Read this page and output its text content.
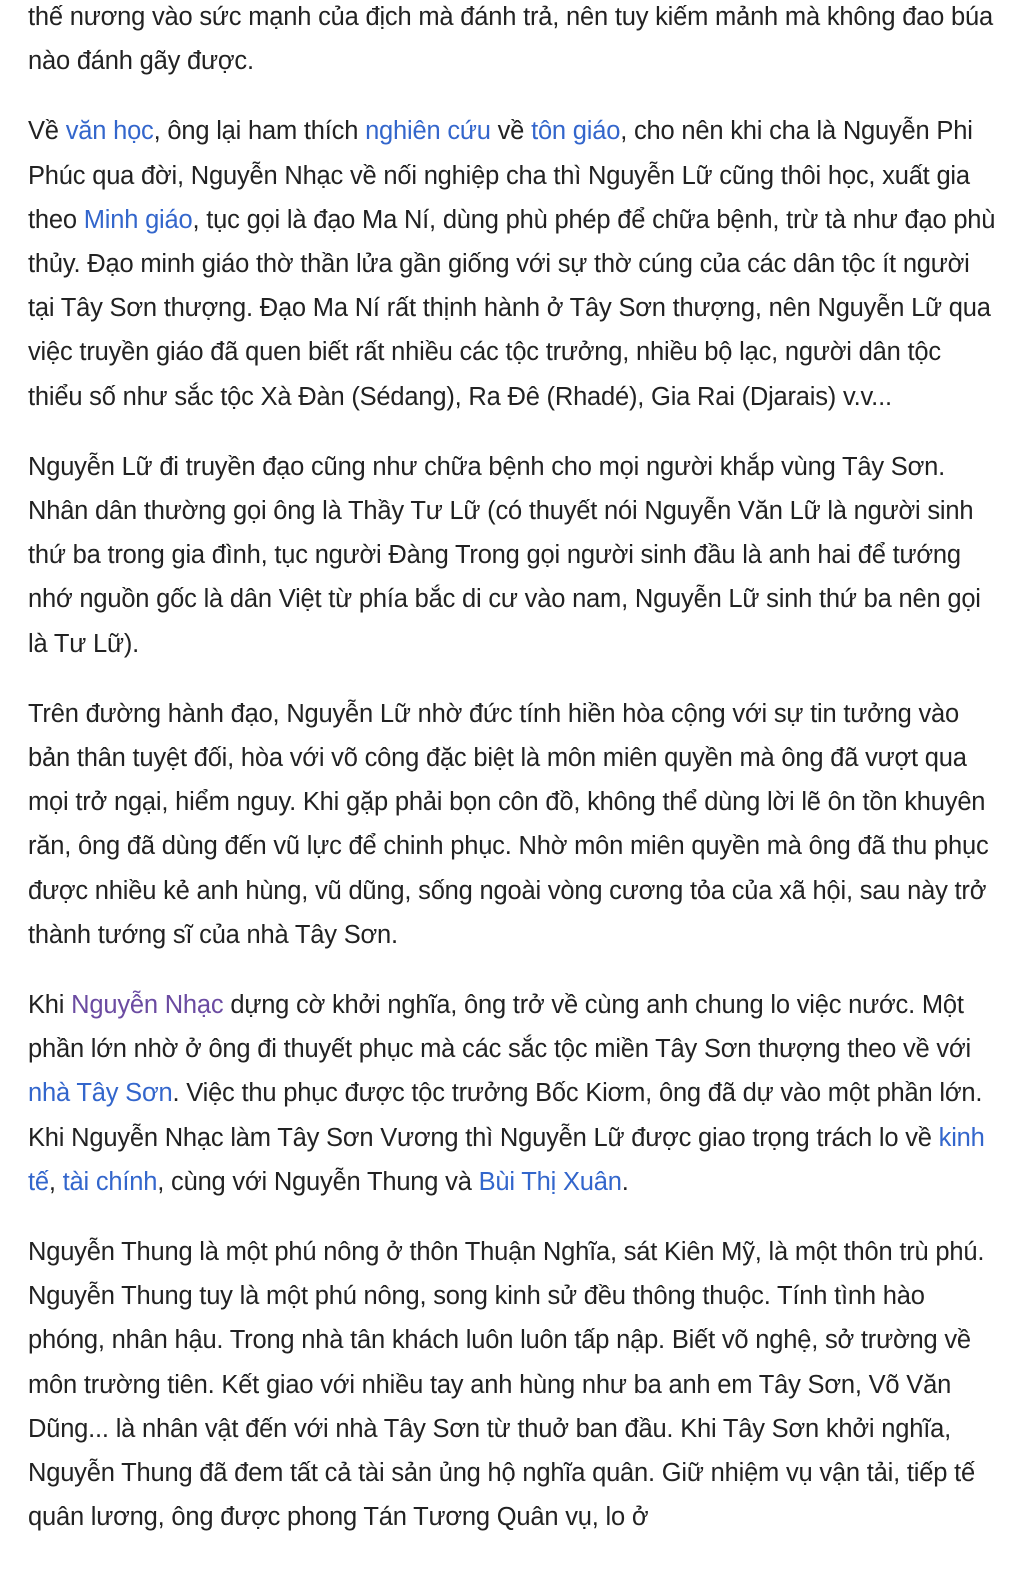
thế nương vào sức mạnh của địch mà đánh trả, nên tuy kiếm mảnh mà không đao búa nào đánh gãy được.

Về văn học, ông lại ham thích nghiên cứu về tôn giáo, cho nên khi cha là Nguyễn Phi Phúc qua đời, Nguyễn Nhạc về nối nghiệp cha thì Nguyễn Lữ cũng thôi học, xuất gia theo Minh giáo, tục gọi là đạo Ma Ní, dùng phù phép để chữa bệnh, trừ tà như đạo phù thủy. Đạo minh giáo thờ thần lửa gần giống với sự thờ cúng của các dân tộc ít người tại Tây Sơn thượng. Đạo Ma Ní rất thịnh hành ở Tây Sơn thượng, nên Nguyễn Lữ qua việc truyền giáo đã quen biết rất nhiều các tộc trưởng, nhiều bộ lạc, người dân tộc thiểu số như sắc tộc Xà Đàn (Sédang), Ra Đê (Rhadé), Gia Rai (Djarais) v.v...

Nguyễn Lữ đi truyền đạo cũng như chữa bệnh cho mọi người khắp vùng Tây Sơn. Nhân dân thường gọi ông là Thầy Tư Lữ (có thuyết nói Nguyễn Văn Lữ là người sinh thứ ba trong gia đình, tục người Đàng Trong gọi người sinh đầu là anh hai để tướng nhớ nguồn gốc là dân Việt từ phía bắc di cư vào nam, Nguyễn Lữ sinh thứ ba nên gọi là Tư Lữ).

Trên đường hành đạo, Nguyễn Lữ nhờ đức tính hiền hòa cộng với sự tin tưởng vào bản thân tuyệt đối, hòa với võ công đặc biệt là môn miên quyền mà ông đã vượt qua mọi trở ngại, hiểm nguy. Khi gặp phải bọn côn đồ, không thể dùng lời lẽ ôn tồn khuyên răn, ông đã dùng đến vũ lực để chinh phục. Nhờ môn miên quyền mà ông đã thu phục được nhiều kẻ anh hùng, vũ dũng, sống ngoài vòng cương tỏa của xã hội, sau này trở thành tướng sĩ của nhà Tây Sơn.

Khi Nguyễn Nhạc dựng cờ khởi nghĩa, ông trở về cùng anh chung lo việc nước. Một phần lớn nhờ ở ông đi thuyết phục mà các sắc tộc miền Tây Sơn thượng theo về với nhà Tây Sơn. Việc thu phục được tộc trưởng Bốc Kiơm, ông đã dự vào một phần lớn. Khi Nguyễn Nhạc làm Tây Sơn Vương thì Nguyễn Lữ được giao trọng trách lo về kinh tế, tài chính, cùng với Nguyễn Thung và Bùi Thị Xuân.

Nguyễn Thung là một phú nông ở thôn Thuận Nghĩa, sát Kiên Mỹ, là một thôn trù phú. Nguyễn Thung tuy là một phú nông, song kinh sử đều thông thuộc. Tính tình hào phóng, nhân hậu. Trong nhà tân khách luôn luôn tấp nập. Biết võ nghệ, sở trường về môn trường tiên. Kết giao với nhiều tay anh hùng như ba anh em Tây Sơn, Võ Văn Dũng... là nhân vật đến với nhà Tây Sơn từ thuở ban đầu. Khi Tây Sơn khởi nghĩa, Nguyễn Thung đã đem tất cả tài sản ủng hộ nghĩa quân. Giữ nhiệm vụ vận tải, tiếp tế quân lương, ông được phong Tán Tương Quân vụ, lo ở
